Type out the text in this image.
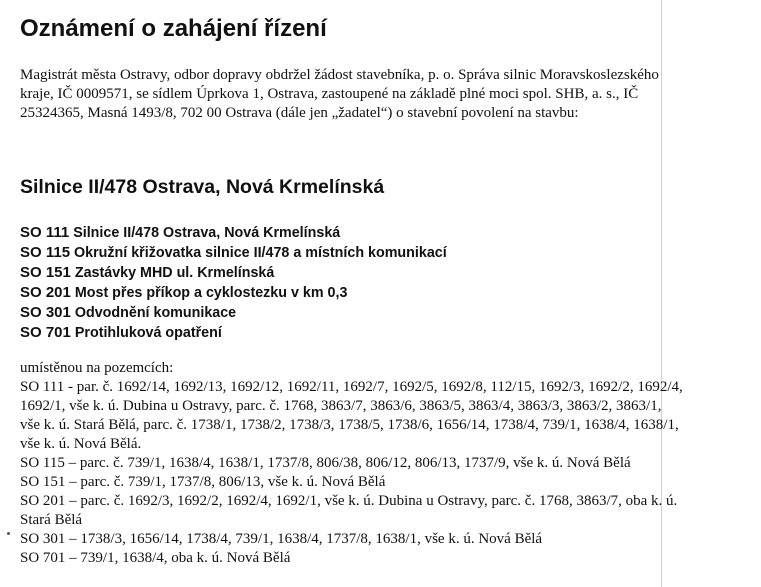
Oznámení o zahájení řízení
Magistrát města Ostravy, odbor dopravy obdržel žádost stavebníka, p. o. Správa silnic Moravskoslezského
kraje, IČ 0009571, se sídlem Úprkova 1, Ostrava, zastoupené na základě plné moci spol. SHB, a. s., IČ
25324365, Masná 1493/8, 702 00 Ostrava (dále jen „žadatel“) o stavební povolení na stavbu:
Silnice II/478 Ostrava, Nová Krmelínská
SO 111 Silnice II/478 Ostrava, Nová Krmelínská
SO 115 Okružní křižovatka silnice II/478 a místních komunikací
SO 151 Zastávky MHD ul. Krmelínská
SO 201 Most přes příkop a cyklostezku v km 0,3
SO 301 Odvodnění komunikace
SO 701 Protihluková opatření
umístěnou na pozemcích:
SO 111 - par. č. 1692/14, 1692/13, 1692/12, 1692/11, 1692/7, 1692/5, 1692/8, 112/15, 1692/3, 1692/2, 1692/4,
1692/1, vše k. ú. Dubina u Ostravy, parc. č. 1768, 3863/7, 3863/6, 3863/5, 3863/4, 3863/3, 3863/2, 3863/1,
vše k. ú. Stará Bělá, parc. č. 1738/1, 1738/2, 1738/3, 1738/5, 1738/6, 1656/14, 1738/4, 739/1, 1638/4, 1638/1,
vše k. ú. Nová Bělá.
SO 115 – parc. č. 739/1, 1638/4, 1638/1, 1737/8, 806/38, 806/12, 806/13, 1737/9, vše k. ú. Nová Bělá
SO 151 – parc. č. 739/1, 1737/8, 806/13, vše k. ú. Nová Bělá
SO 201 – parc. č. 1692/3, 1692/2, 1692/4, 1692/1, vše k. ú. Dubina u Ostravy, parc. č. 1768, 3863/7, oba k. ú.
Stará Bělá
SO 301 – 1738/3, 1656/14, 1738/4, 739/1, 1638/4, 1737/8, 1638/1, vše k. ú. Nová Bělá
SO 701 – 739/1, 1638/4, oba k. ú. Nová Bělá
